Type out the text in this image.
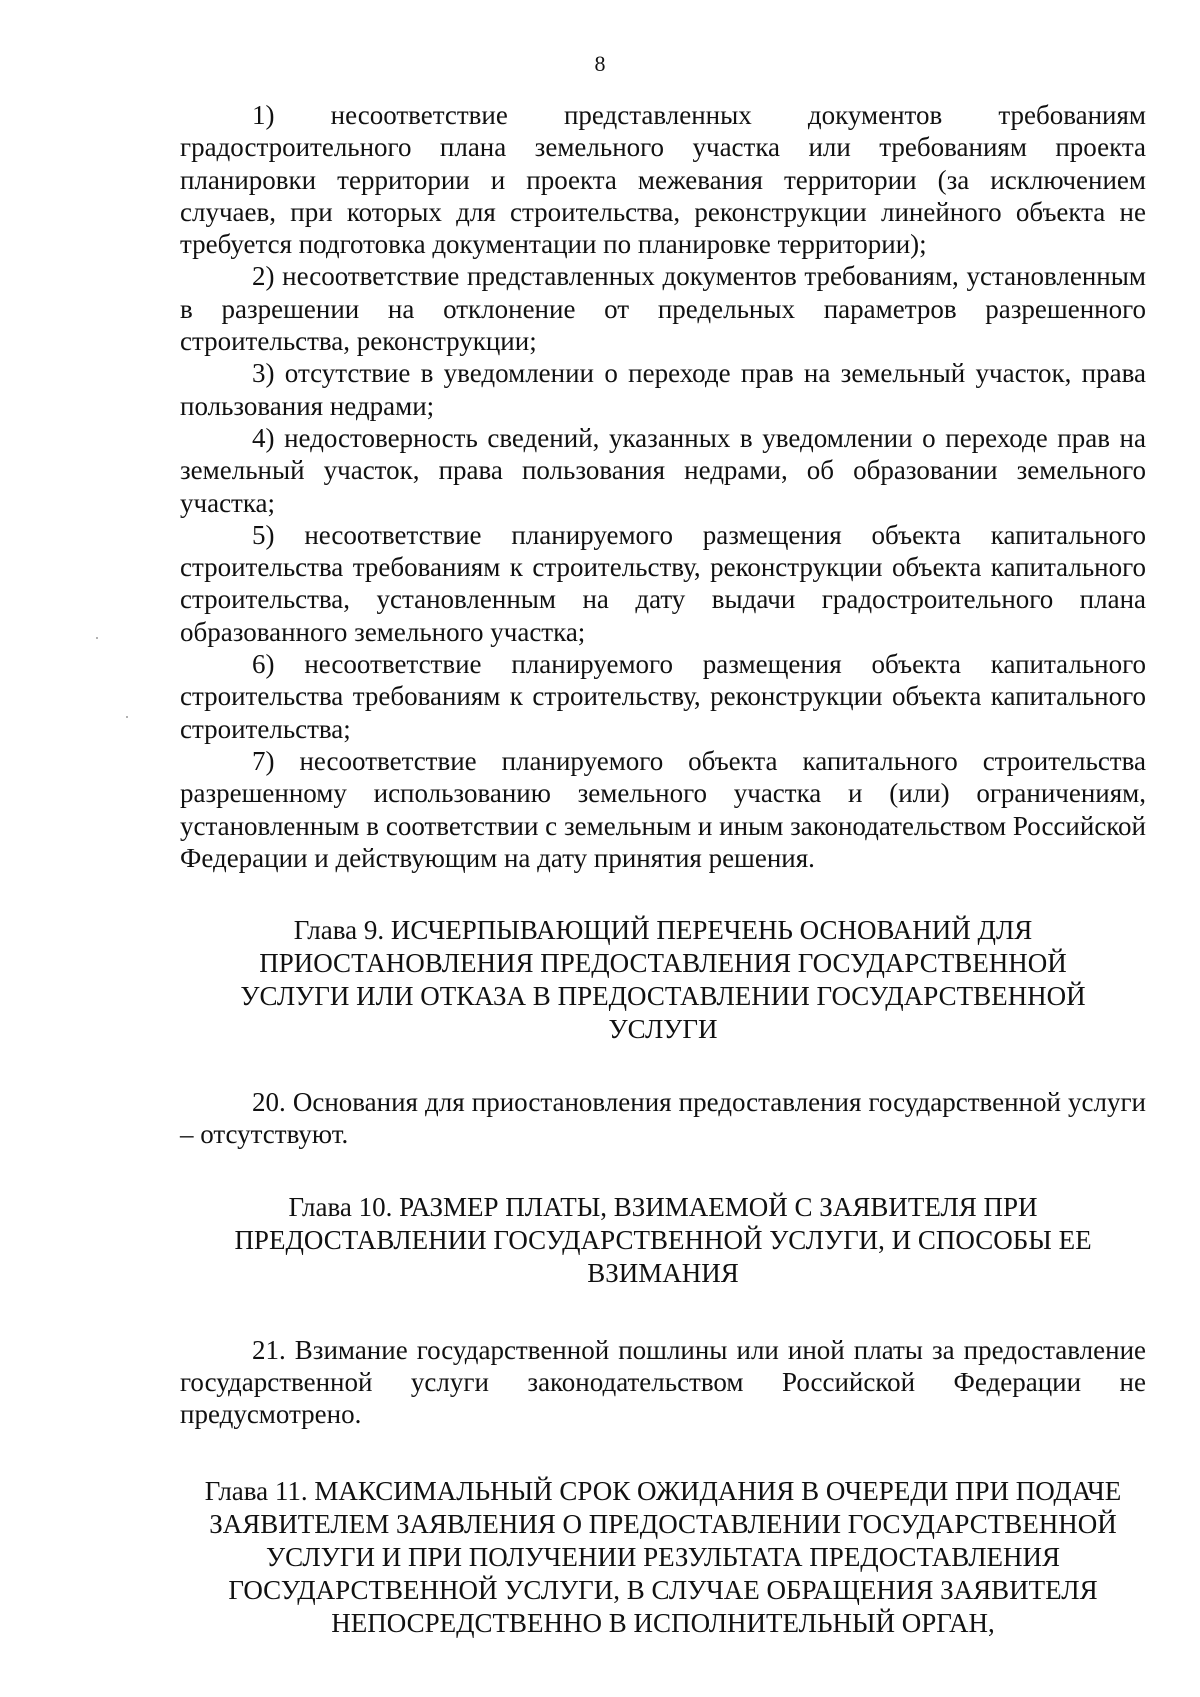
8

1) несоответствие представленных документов требованиям градостроительного плана земельного участка или требованиям проекта планировки территории и проекта межевания территории (за исключением случаев, при которых для строительства, реконструкции линейного объекта не требуется подготовка документации по планировке территории);

2) несоответствие представленных документов требованиям, установленным в разрешении на отклонение от предельных параметров разрешенного строительства, реконструкции;

3) отсутствие в уведомлении о переходе прав на земельный участок, права пользования недрами;

4) недостоверность сведений, указанных в уведомлении о переходе прав на земельный участок, права пользования недрами, об образовании земельного участка;

5) несоответствие планируемого размещения объекта капитального строительства требованиям к строительству, реконструкции объекта капитального строительства, установленным на дату выдачи градостроительного плана образованного земельного участка;

6) несоответствие планируемого размещения объекта капитального строительства требованиям к строительству, реконструкции объекта капитального строительства;

7) несоответствие планируемого объекта капитального строительства разрешенному использованию земельного участка и (или) ограничениям, установленным в соответствии с земельным и иным законодательством Российской Федерации и действующим на дату принятия решения.

Глава 9. ИСЧЕРПЫВАЮЩИЙ ПЕРЕЧЕНЬ ОСНОВАНИЙ ДЛЯ
ПРИОСТАНОВЛЕНИЯ ПРЕДОСТАВЛЕНИЯ ГОСУДАРСТВЕННОЙ
УСЛУГИ ИЛИ ОТКАЗА В ПРЕДОСТАВЛЕНИИ ГОСУДАРСТВЕННОЙ
УСЛУГИ

20. Основания для приостановления предоставления государственной услуги – отсутствуют.

Глава 10. РАЗМЕР ПЛАТЫ, ВЗИМАЕМОЙ С ЗАЯВИТЕЛЯ ПРИ
ПРЕДОСТАВЛЕНИИ ГОСУДАРСТВЕННОЙ УСЛУГИ, И СПОСОБЫ ЕЕ
ВЗИМАНИЯ

21. Взимание государственной пошлины или иной платы за предоставление государственной услуги законодательством Российской Федерации не предусмотрено.

Глава 11. МАКСИМАЛЬНЫЙ СРОК ОЖИДАНИЯ В ОЧЕРЕДИ ПРИ ПОДАЧЕ
ЗАЯВИТЕЛЕМ ЗАЯВЛЕНИЯ О ПРЕДОСТАВЛЕНИИ ГОСУДАРСТВЕННОЙ
УСЛУГИ И ПРИ ПОЛУЧЕНИИ РЕЗУЛЬТАТА ПРЕДОСТАВЛЕНИЯ
ГОСУДАРСТВЕННОЙ УСЛУГИ, В СЛУЧАЕ ОБРАЩЕНИЯ ЗАЯВИТЕЛЯ
НЕПОСРЕДСТВЕННО В ИСПОЛНИТЕЛЬНЫЙ ОРГАН,
